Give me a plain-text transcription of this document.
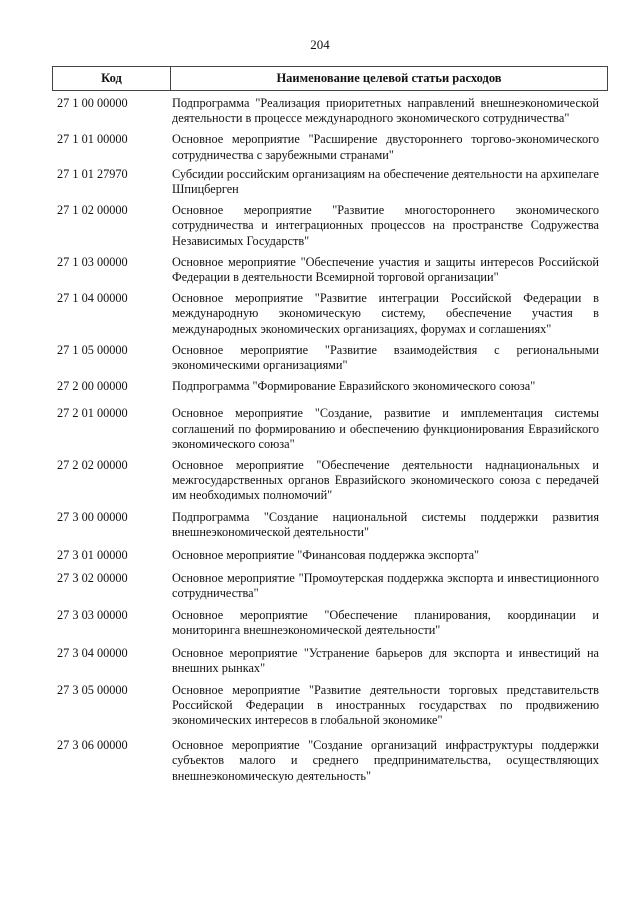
204
Код	Наименование целевой статьи расходов
27 1 00 00000	Подпрограмма "Реализация приоритетных направлений внешнеэкономической деятельности в процессе международного экономического сотрудничества"
27 1 01 00000	Основное мероприятие "Расширение двустороннего торгово-экономического сотрудничества с зарубежными странами"
27 1 01 27970	Субсидии российским организациям на обеспечение деятельности на архипелаге Шпицберген
27 1 02 00000	Основное мероприятие "Развитие многостороннего экономического сотрудничества и интеграционных процессов на пространстве Содружества Независимых Государств"
27 1 03 00000	Основное мероприятие "Обеспечение участия и защиты интересов Российской Федерации в деятельности Всемирной торговой организации"
27 1 04 00000	Основное мероприятие "Развитие интеграции Российской Федерации в международную экономическую систему, обеспечение участия в международных экономических организациях, форумах и соглашениях"
27 1 05 00000	Основное мероприятие "Развитие взаимодействия с региональными экономическими организациями"
27 2 00 00000	Подпрограмма "Формирование Евразийского экономического союза"
27 2 01 00000	Основное мероприятие "Создание, развитие и имплементация системы соглашений по формированию и обеспечению функционирования Евразийского экономического союза"
27 2 02 00000	Основное мероприятие "Обеспечение деятельности наднациональных и межгосударственных органов Евразийского экономического союза с передачей им необходимых полномочий"
27 3 00 00000	Подпрограмма "Создание национальной системы поддержки развития внешнеэкономической деятельности"
27 3 01 00000	Основное мероприятие "Финансовая поддержка экспорта"
27 3 02 00000	Основное мероприятие "Промоутерская поддержка экспорта и инвестиционного сотрудничества"
27 3 03 00000	Основное мероприятие "Обеспечение планирования, координации и мониторинга внешнеэкономической деятельности"
27 3 04 00000	Основное мероприятие "Устранение барьеров для экспорта и инвестиций на внешних рынках"
27 3 05 00000	Основное мероприятие "Развитие деятельности торговых представительств Российской Федерации в иностранных государствах по продвижению экономических интересов в глобальной экономике"
27 3 06 00000	Основное мероприятие "Создание организаций инфраструктуры поддержки субъектов малого и среднего предпринимательства, осуществляющих внешнеэкономическую деятельность"
